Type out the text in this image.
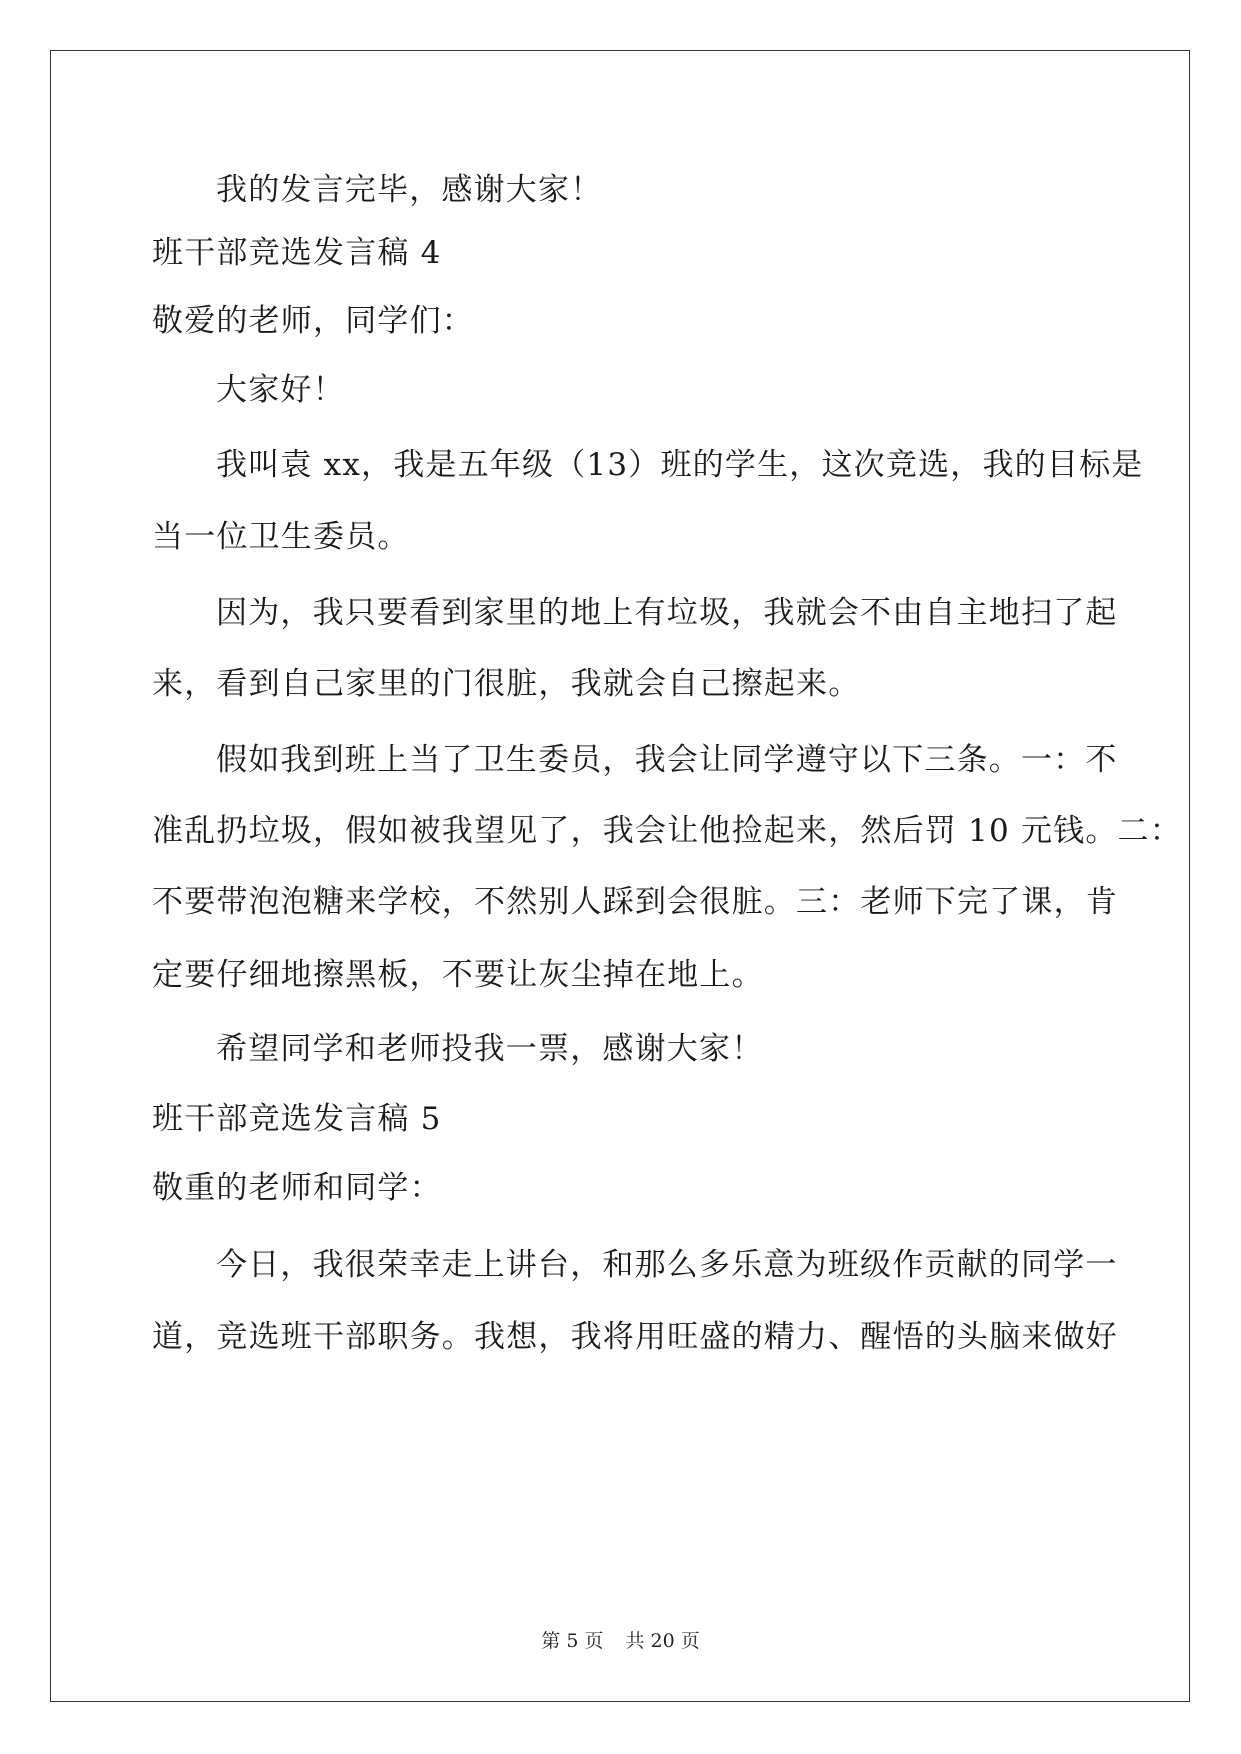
我的发言完毕，感谢大家！
班干部竞选发言稿 4
敬爱的老师，同学们：
大家好！
我叫袁 xx，我是五年级（13）班的学生，这次竞选，我的目标是
当一位卫生委员。
因为，我只要看到家里的地上有垃圾，我就会不由自主地扫了起
来，看到自己家里的门很脏，我就会自己擦起来。
假如我到班上当了卫生委员，我会让同学遵守以下三条。一：不
准乱扔垃圾，假如被我望见了，我会让他捡起来，然后罚 10 元钱。二：
不要带泡泡糖来学校，不然别人踩到会很脏。三：老师下完了课，肯
定要仔细地擦黑板，不要让灰尘掉在地上。
希望同学和老师投我一票，感谢大家！
班干部竞选发言稿 5
敬重的老师和同学：
今日，我很荣幸走上讲台，和那么多乐意为班级作贡献的同学一
道，竞选班干部职务。我想，我将用旺盛的精力、醒悟的头脑来做好
第 5 页 共 20 页
